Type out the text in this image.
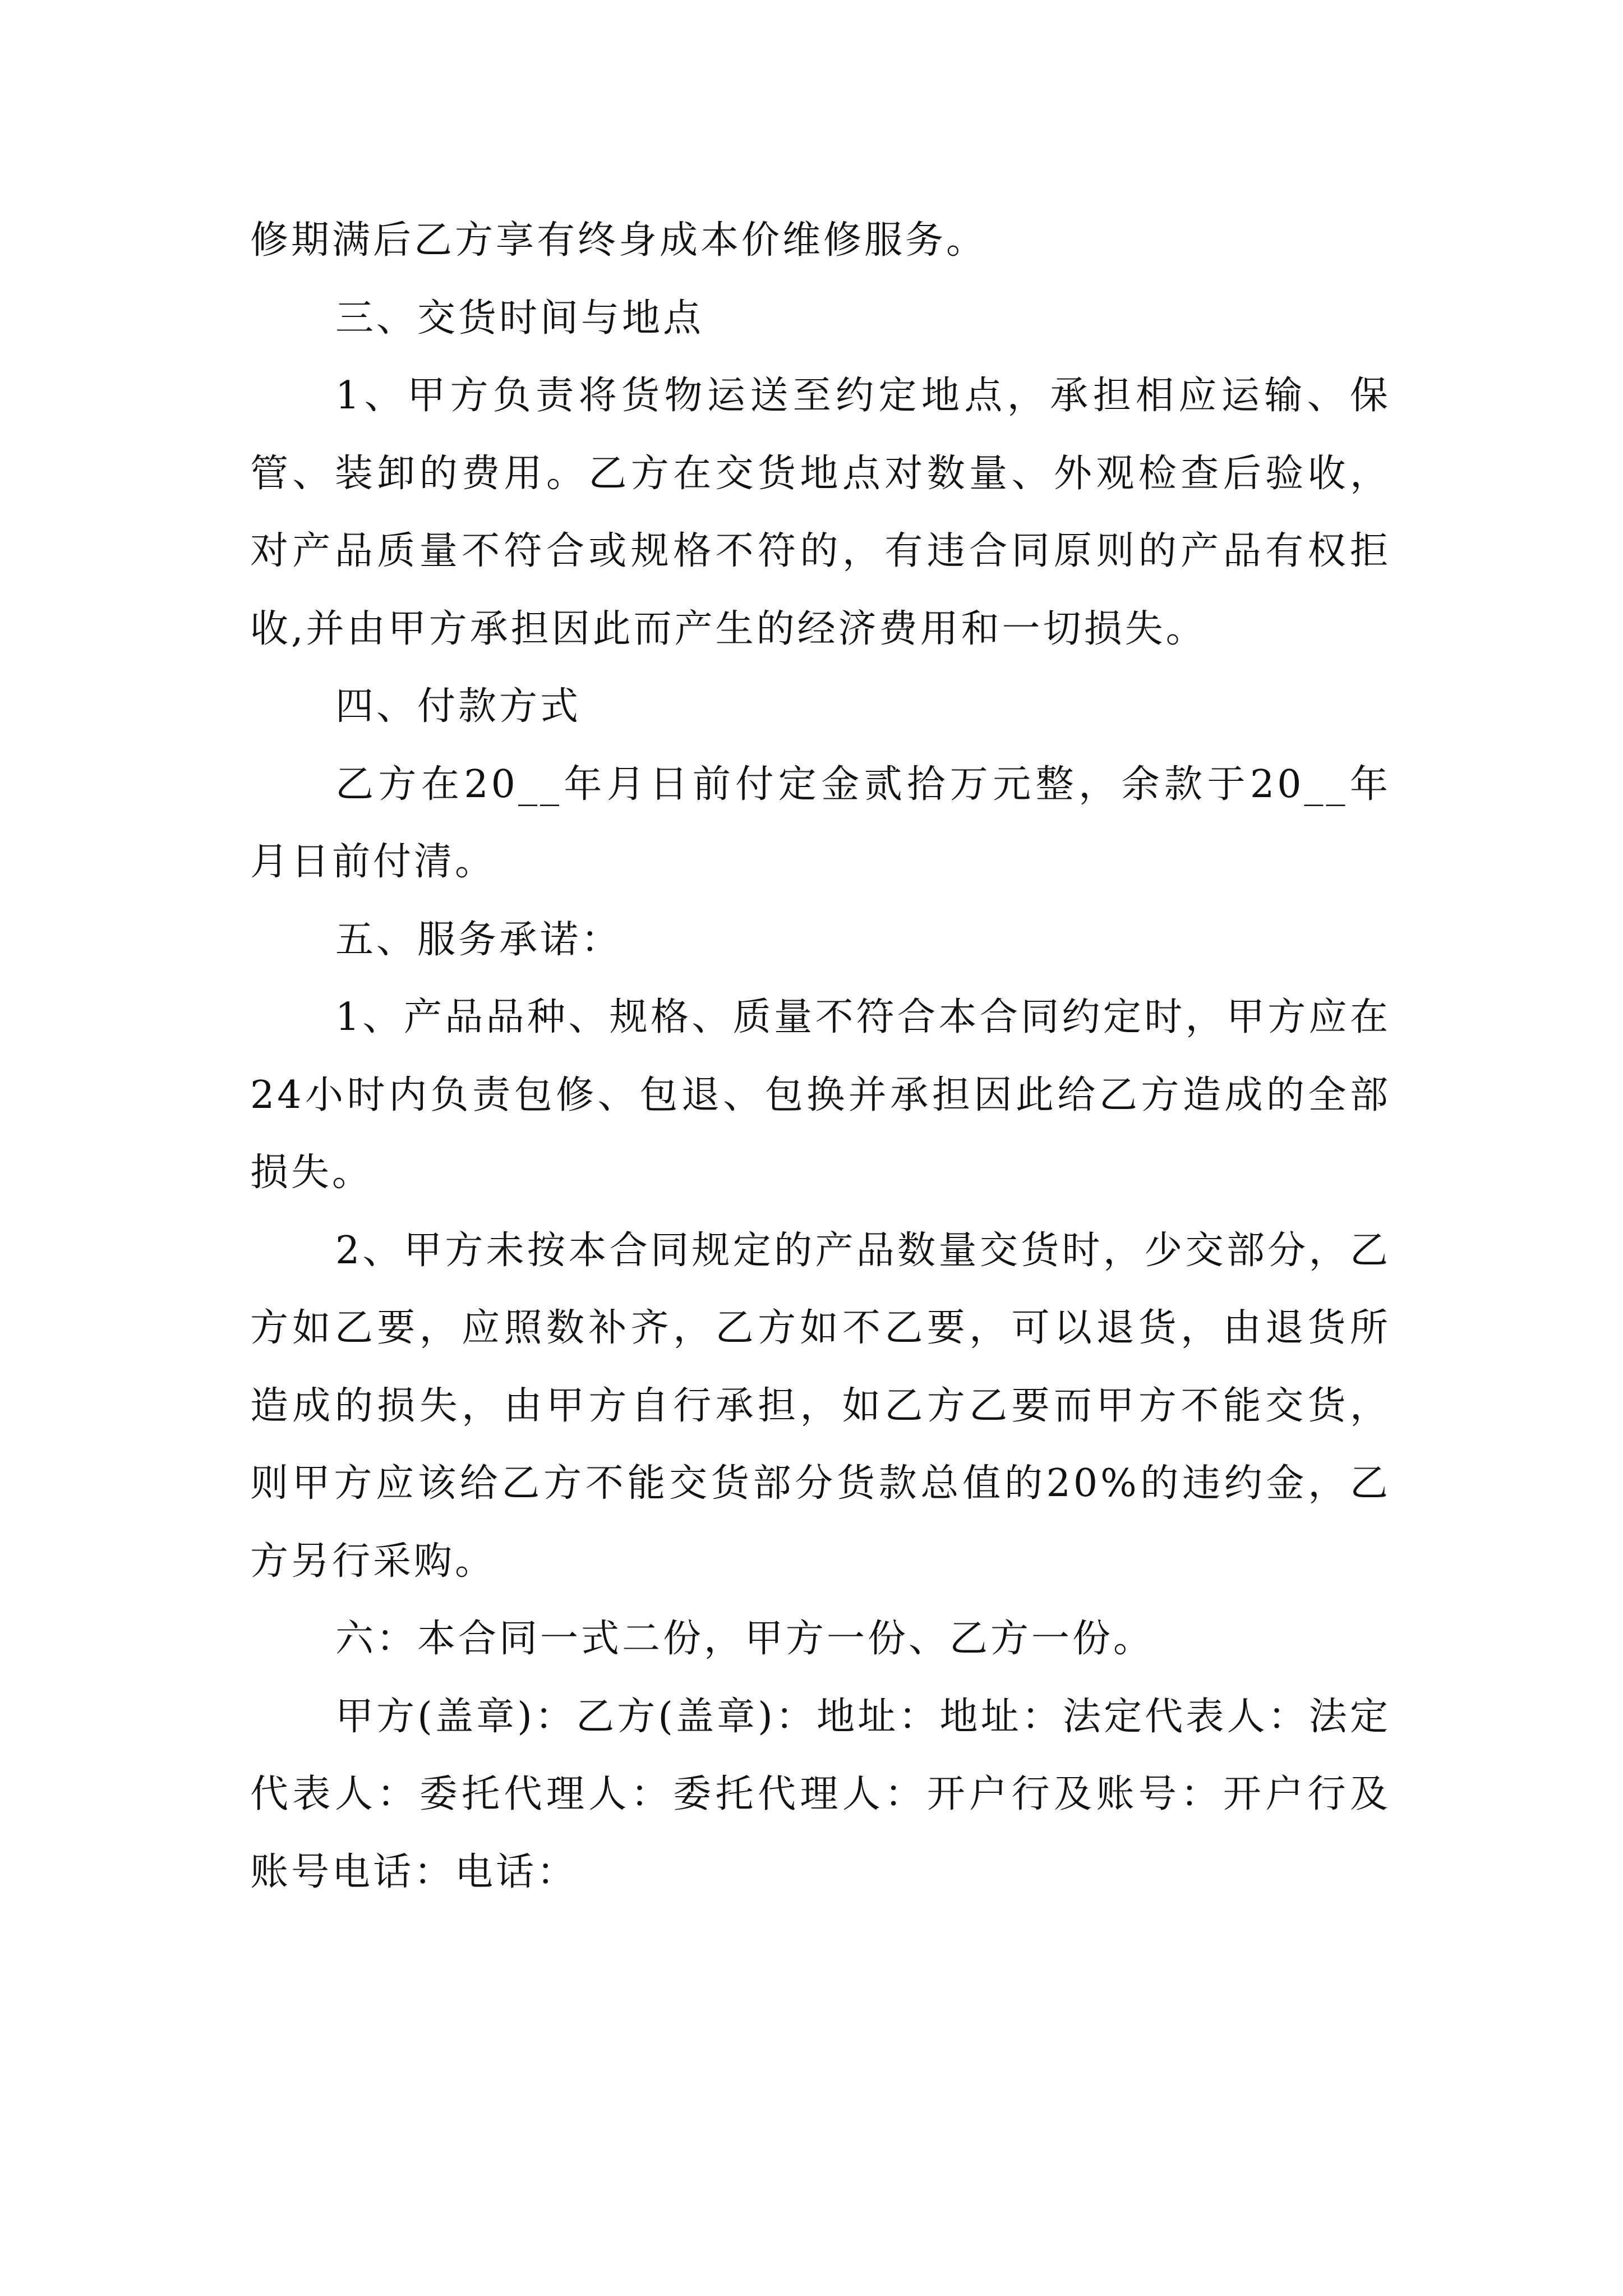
修期满后乙方享有终身成本价维修服务。

三、交货时间与地点

1、甲方负责将货物运送至约定地点，承担相应运输、保管、装卸的费用。乙方在交货地点对数量、外观检查后验收，对产品质量不符合或规格不符的，有违合同原则的产品有权拒收,并由甲方承担因此而产生的经济费用和一切损失。

四、付款方式

乙方在20__年月日前付定金贰拾万元整，余款于20__年月日前付清。

五、服务承诺：

1、产品品种、规格、质量不符合本合同约定时，甲方应在24小时内负责包修、包退、包换并承担因此给乙方造成的全部损失。

2、甲方未按本合同规定的产品数量交货时，少交部分，乙方如乙要，应照数补齐，乙方如不乙要，可以退货，由退货所造成的损失，由甲方自行承担，如乙方乙要而甲方不能交货，则甲方应该给乙方不能交货部分货款总值的20%的违约金，乙方另行采购。

六：本合同一式二份，甲方一份、乙方一份。

甲方(盖章)：乙方(盖章)：地址：地址：法定代表人：法定代表人：委托代理人：委托代理人：开户行及账号：开户行及账号电话：电话：
